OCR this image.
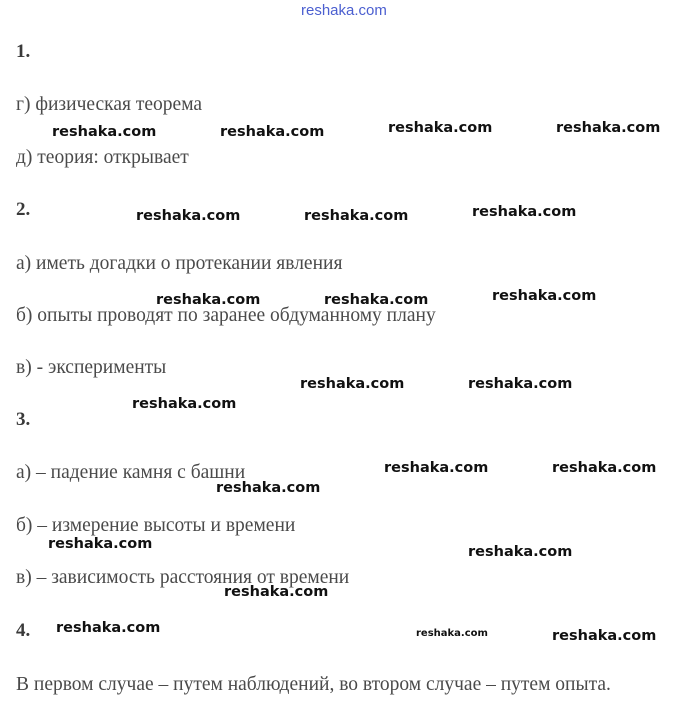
reshaka.com
1.
г) физическая теорема
д) теория: открывает
2.
а) иметь догадки о протекании явления
б) опыты проводят по заранее обдуманному плану
в) - эксперименты
3.
а) – падение камня с башни
б) – измерение высоты и времени
в) – зависимость расстояния от времени
4.
В первом случае – путем наблюдений, во втором случае – путем опыта.
reshaka.com	reshaka.com	reshaka.com	reshaka.com
reshaka.com	reshaka.com	reshaka.com
reshaka.com	reshaka.com	reshaka.com
reshaka.com	reshaka.com
reshaka.com
reshaka.com	reshaka.com
reshaka.com
reshaka.com	reshaka.com
reshaka.com
reshaka.com	reshaka.com	reshaka.com
